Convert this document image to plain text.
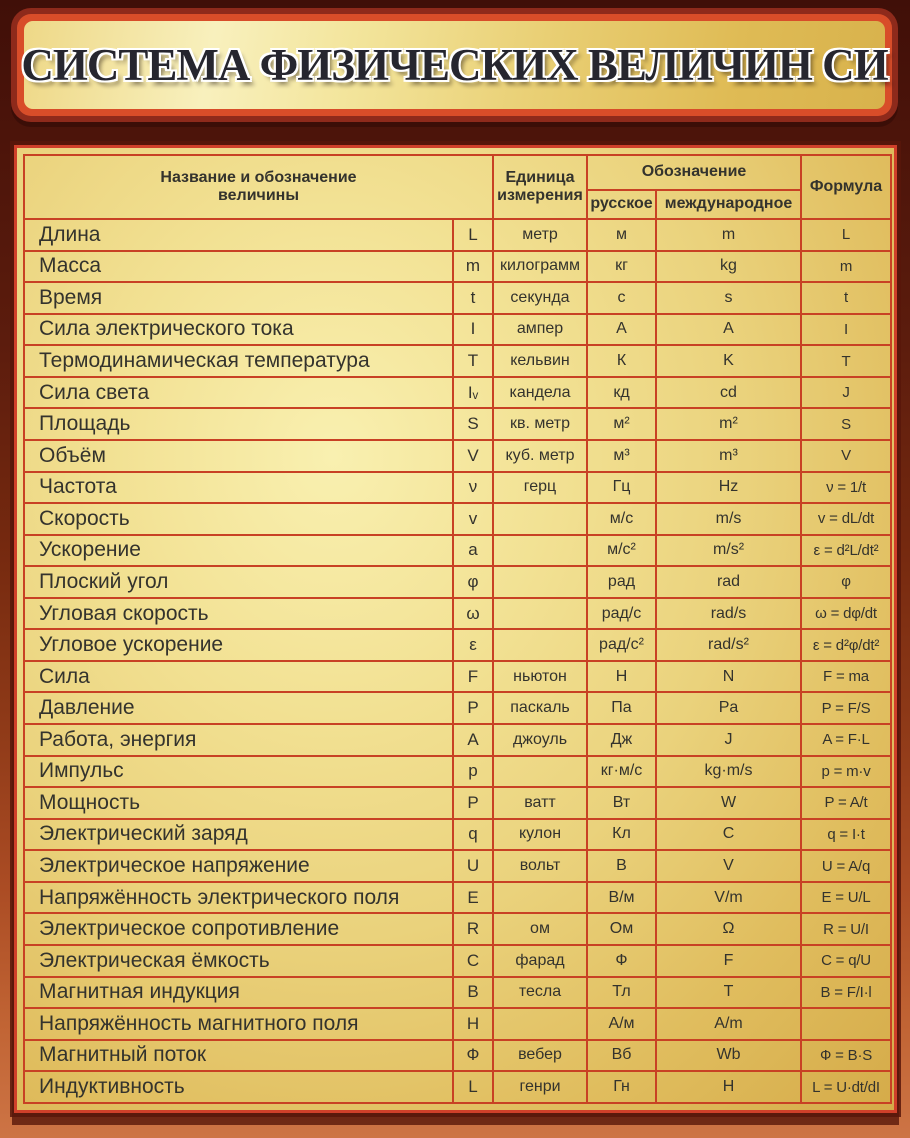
СИСТЕМА ФИЗИЧЕСКИХ ВЕЛИЧИН СИ
Название и обозначение величины		Единица измерения	Обозначение		Формула
			русское	международное	
Длина	L	метр	м	m	L
Масса	m	килограмм	кг	kg	m
Время	t	секунда	с	s	t
Сила электрического тока	I	ампер	А	A	I
Термодинамическая температура	T	кельвин	К	K	T
Сила света	Iᵥ	кандела	кд	cd	J
Площадь	S	кв. метр	м²	m²	S
Объём	V	куб. метр	м³	m³	V
Частота	ν	герц	Гц	Hz	ν = 1/t
Скорость	v		м/с	m/s	v = dL/dt
Ускорение	a		м/с²	m/s²	ε = d²L/dt²
Плоский угол	φ		рад	rad	φ
Угловая скорость	ω		рад/с	rad/s	ω = dφ/dt
Угловое ускорение	ε		рад/с²	rad/s²	ε = d²φ/dt²
Сила	F	ньютон	Н	N	F = ma
Давление	P	паскаль	Па	Pa	P = F/S
Работа, энергия	A	джоуль	Дж	J	A = F·L
Импульс	p		кг·м/с	kg·m/s	p = m·v
Мощность	P	ватт	Вт	W	P = A/t
Электрический заряд	q	кулон	Кл	C	q = I·t
Электрическое напряжение	U	вольт	В	V	U = A/q
Напряжённость электрического поля	E		В/м	V/m	E = U/L
Электрическое сопротивление	R	ом	Ом	Ω	R = U/I
Электрическая ёмкость	C	фарад	Ф	F	C = q/U
Магнитная индукция	B	тесла	Тл	T	B = F/I·l
Напряжённость магнитного поля	H		А/м	A/m	
Магнитный поток	Ф	вебер	Вб	Wb	Ф = B·S
Индуктивность	L	генри	Гн	H	L = U·dt/dI
